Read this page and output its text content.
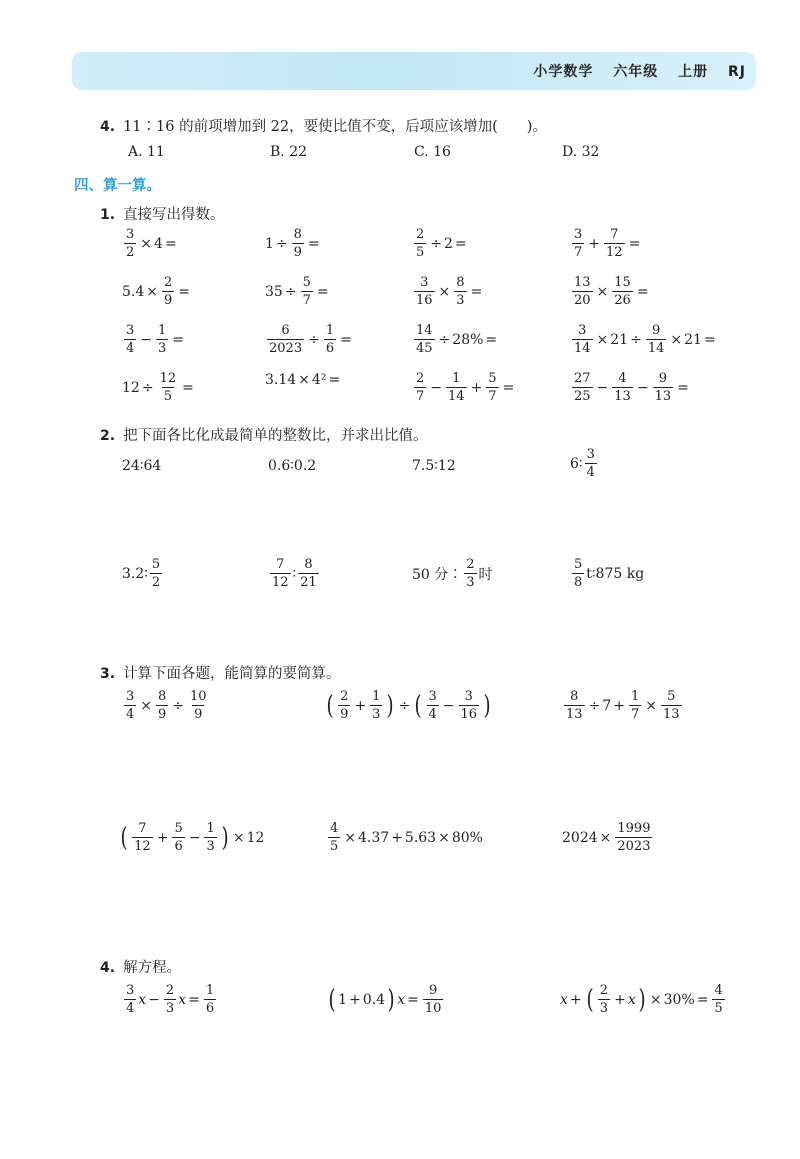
小学数学 六年级 上册 RJ
4. 11∶16 的前项增加到 22，要使比值不变，后项应该增加(　　)。
A. 11	B. 22	C. 16	D. 32
四、算一算。
1. 直接写出得数。
$\frac{3}{2} \times 4$ =	$1 \div \frac{8}{9}$ =	$\frac{2}{5} \div 2$ =	$\frac{3}{7} + \frac{7}{12}$ =
$5.4 \times \frac{2}{9}$ =	$35 \div \frac{5}{7}$ =	$\frac{3}{16} \times \frac{8}{3}$ =	$\frac{13}{20} \times \frac{15}{26}$ =
$\frac{3}{4} - \frac{1}{3}$ =	$\frac{6}{2023} \div \frac{1}{6}$ =	$\frac{14}{45} \div 28\%$ =	$\frac{3}{14} \times 21 \div \frac{9}{14} \times 21$ =
$12 \div \frac{12}{5}$ =	3.14 × 4² =	$\frac{2}{7} - \frac{1}{14} + \frac{5}{7}$ =	$\frac{27}{25} - \frac{4}{13} - \frac{9}{13}$ =
2. 把下面各比化成最简单的整数比，并求出比值。
24∶64	0.6∶0.2	7.5∶12	6∶ $\frac{3}{4}$
3.2∶ $\frac{5}{2}$	$\frac{7}{12}$ ∶ $\frac{8}{21}$	50 分∶ $\frac{2}{3}$ 时	$\frac{5}{8}$ t∶875 kg
3. 计算下面各题，能简算的要简算。
$\frac{3}{4} \times \frac{8}{9} \div \frac{10}{9}$	( $\frac{2}{9} + \frac{1}{3}$ ) ÷ ( $\frac{3}{4} - \frac{3}{16}$ )	$\frac{8}{13} \div 7 + \frac{1}{7} \times \frac{5}{13}$
( $\frac{7}{12} + \frac{5}{6} - \frac{1}{3}$ ) × 12	$\frac{4}{5} \times 4.37 + 5.63 \times 80\%$	$2024 \times \frac{1999}{2023}$
4. 解方程。
$\frac{3}{4}$ $x - \frac{2}{3}$ $x = \frac{1}{6}$	( 1 + 0.4 ) $x = \frac{9}{10}$	x + ( $\frac{2}{3} + x$ ) × $30\% = \frac{4}{5}$
